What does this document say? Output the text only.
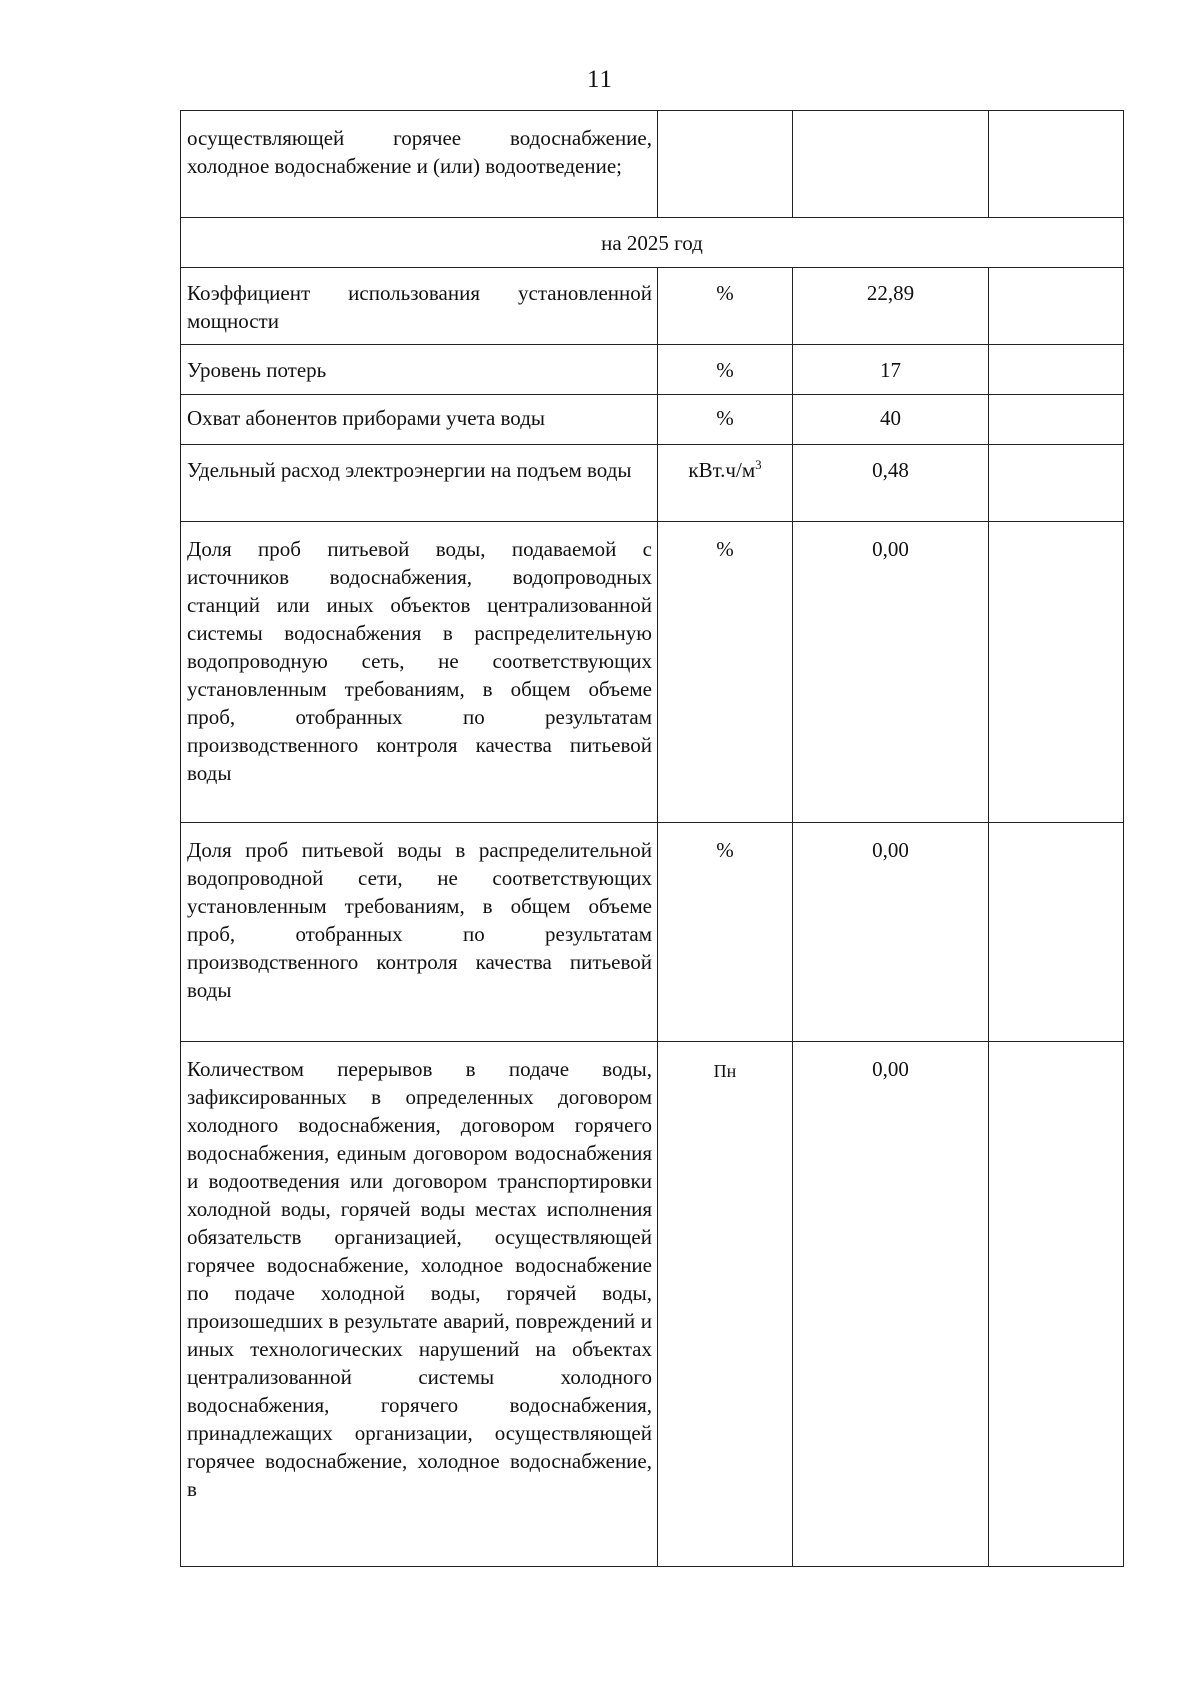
11
осуществляющей горячее водоснабжение, холодное водоснабжение и (или) водоотведение;			
на 2025 год			
Коэффициент использования установленной мощности	%	22,89	
Уровень потерь	%	17	
Охват абонентов приборами учета воды	%	40	
Удельный расход электроэнергии на подъем воды	$кВт.ч/м^3$	0,48	
Доля проб питьевой воды, подаваемой с источников водоснабжения, водопроводных станций или иных объектов централизованной системы водоснабжения в распределительную водопроводную сеть, не соответствующих установленным требованиям, в общем объеме проб, отобранных по результатам производственного контроля качества питьевой воды	%	0,00	
Доля проб питьевой воды в распределительной водопроводной сети, не соответствующих установленным требованиям, в общем объеме проб, отобранных по результатам производственного контроля качества питьевой воды	%	0,00	
Количеством перерывов в подаче воды, зафиксированных в определенных договором холодного водоснабжения, договором горячего водоснабжения, единым договором водоснабжения и водоотведения или договором транспортировки холодной воды, горячей воды местах исполнения обязательств организацией, осуществляющей горячее водоснабжение, холодное водоснабжение по подаче холодной воды, горячей воды, произошедших в результате аварий, повреждений и иных технологических нарушений на объектах централизованной системы холодного водоснабжения, горячего водоснабжения, принадлежащих организации, осуществляющей горячее водоснабжение, холодное водоснабжение, в	Пн	0,00	
